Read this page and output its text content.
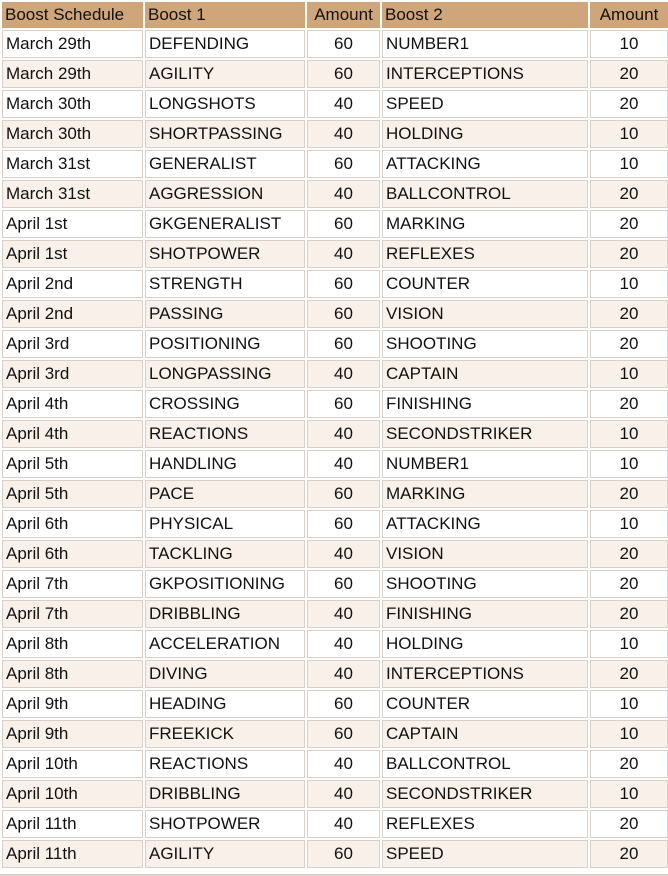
Boost Schedule	Boost 1	Amount	Boost 2	Amount
March 29th	DEFENDING	60	NUMBER1	10
March 29th	AGILITY	60	INTERCEPTIONS	20
March 30th	LONGSHOTS	40	SPEED	20
March 30th	SHORTPASSING	40	HOLDING	10
March 31st	GENERALIST	60	ATTACKING	10
March 31st	AGGRESSION	40	BALLCONTROL	20
April 1st	GKGENERALIST	60	MARKING	20
April 1st	SHOTPOWER	40	REFLEXES	20
April 2nd	STRENGTH	60	COUNTER	10
April 2nd	PASSING	60	VISION	20
April 3rd	POSITIONING	60	SHOOTING	20
April 3rd	LONGPASSING	40	CAPTAIN	10
April 4th	CROSSING	60	FINISHING	20
April 4th	REACTIONS	40	SECONDSTRIKER	10
April 5th	HANDLING	40	NUMBER1	10
April 5th	PACE	60	MARKING	20
April 6th	PHYSICAL	60	ATTACKING	10
April 6th	TACKLING	40	VISION	20
April 7th	GKPOSITIONING	60	SHOOTING	20
April 7th	DRIBBLING	40	FINISHING	20
April 8th	ACCELERATION	40	HOLDING	10
April 8th	DIVING	40	INTERCEPTIONS	20
April 9th	HEADING	60	COUNTER	10
April 9th	FREEKICK	60	CAPTAIN	10
April 10th	REACTIONS	40	BALLCONTROL	20
April 10th	DRIBBLING	40	SECONDSTRIKER	10
April 11th	SHOTPOWER	40	REFLEXES	20
April 11th	AGILITY	60	SPEED	20
